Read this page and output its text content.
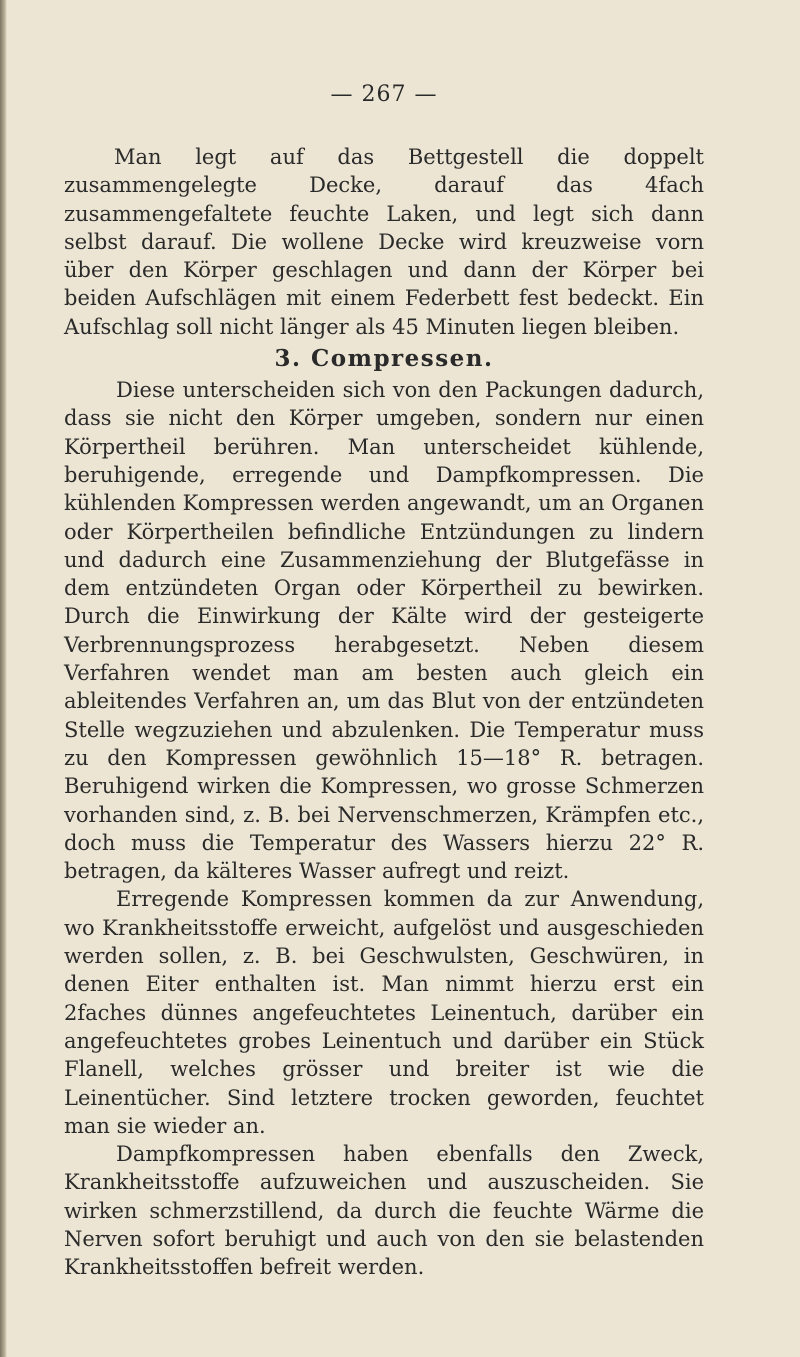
— 267 —

Man legt auf das Bettgestell die doppelt zusammengelegte Decke, darauf das 4fach zusammengefaltete feuchte Laken, und legt sich dann selbst darauf. Die wollene Decke wird kreuzweise vorn über den Körper geschlagen und dann der Körper bei beiden Aufschlägen mit einem Federbett fest bedeckt. Ein Aufschlag soll nicht länger als 45 Minuten liegen bleiben.

3. Compressen.

Diese unterscheiden sich von den Packungen dadurch, dass sie nicht den Körper umgeben, sondern nur einen Körpertheil berühren. Man unterscheidet kühlende, beruhigende, erregende und Dampfkompressen. Die kühlenden Kompressen werden angewandt, um an Organen oder Körpertheilen befindliche Entzündungen zu lindern und dadurch eine Zusammenziehung der Blutgefässe in dem entzündeten Organ oder Körpertheil zu bewirken. Durch die Einwirkung der Kälte wird der gesteigerte Verbrennungsprozess herabgesetzt. Neben diesem Verfahren wendet man am besten auch gleich ein ableitendes Verfahren an, um das Blut von der entzündeten Stelle wegzuziehen und abzulenken. Die Temperatur muss zu den Kompressen gewöhnlich 15—18° R. betragen. Beruhigend wirken die Kompressen, wo grosse Schmerzen vorhanden sind, z. B. bei Nervenschmerzen, Krämpfen etc., doch muss die Temperatur des Wassers hierzu 22° R. betragen, da kälteres Wasser aufregt und reizt.

Erregende Kompressen kommen da zur Anwendung, wo Krankheitsstoffe erweicht, aufgelöst und ausgeschieden werden sollen, z. B. bei Geschwulsten, Geschwüren, in denen Eiter enthalten ist. Man nimmt hierzu erst ein 2faches dünnes angefeuchtetes Leinentuch, darüber ein angefeuchtetes grobes Leinentuch und darüber ein Stück Flanell, welches grösser und breiter ist wie die Leinentücher. Sind letztere trocken geworden, feuchtet man sie wieder an.

Dampfkompressen haben ebenfalls den Zweck, Krankheitsstoffe aufzuweichen und auszuscheiden. Sie wirken schmerzstillend, da durch die feuchte Wärme die Nerven sofort beruhigt und auch von den sie belastenden Krankheitsstoffen befreit werden.
